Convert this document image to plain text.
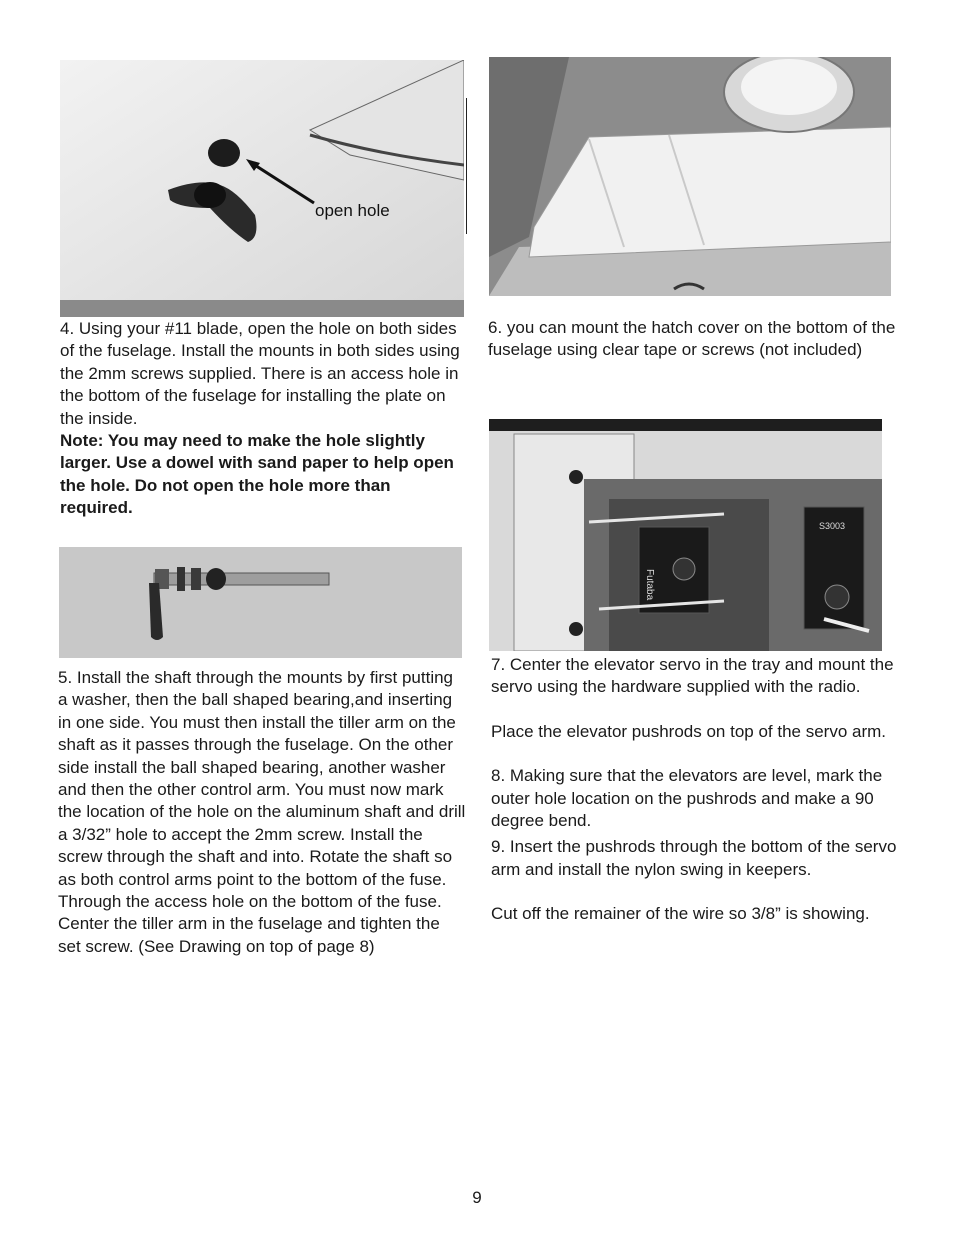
open hole

4. Using your #11 blade, open the hole on both sides of the fuselage. Install the mounts in both sides using the 2mm screws supplied. There is an access hole in the bottom of the fuselage for installing the plate on the inside.

Note: You may need to make the hole slightly larger. Use a dowel with sand paper to help open the hole. Do not open the hole more than required.

6. you can mount the hatch cover on the bottom of the fuselage using clear tape or screws (not included)

Futaba
S3003

7. Center the elevator servo in the tray and mount the servo using the hardware supplied with the radio.

Place the elevator pushrods on top of the servo arm.

8. Making sure that the elevators are level, mark the outer hole location on the pushrods and make a 90 degree bend.

9. Insert the pushrods through the bottom of the servo arm and install the nylon swing in keepers.

Cut off the remainer of the wire so 3/8” is showing.

5. Install the shaft through the mounts by first putting a washer, then the ball shaped bearing,and inserting in one side. You must then install the tiller arm on the shaft as it passes through the fuselage. On the other side install the ball shaped bearing, another washer and then the other control arm. You must now mark the location of the hole on the aluminum shaft and drill a 3/32” hole to accept the 2mm screw. Install the screw through the shaft and into. Rotate the shaft so as both control arms point to the bottom of the fuse. Through the access hole on the bottom of the fuse. Center the tiller arm in the fuselage and tighten the set screw. (See Drawing on top of page 8)

9
